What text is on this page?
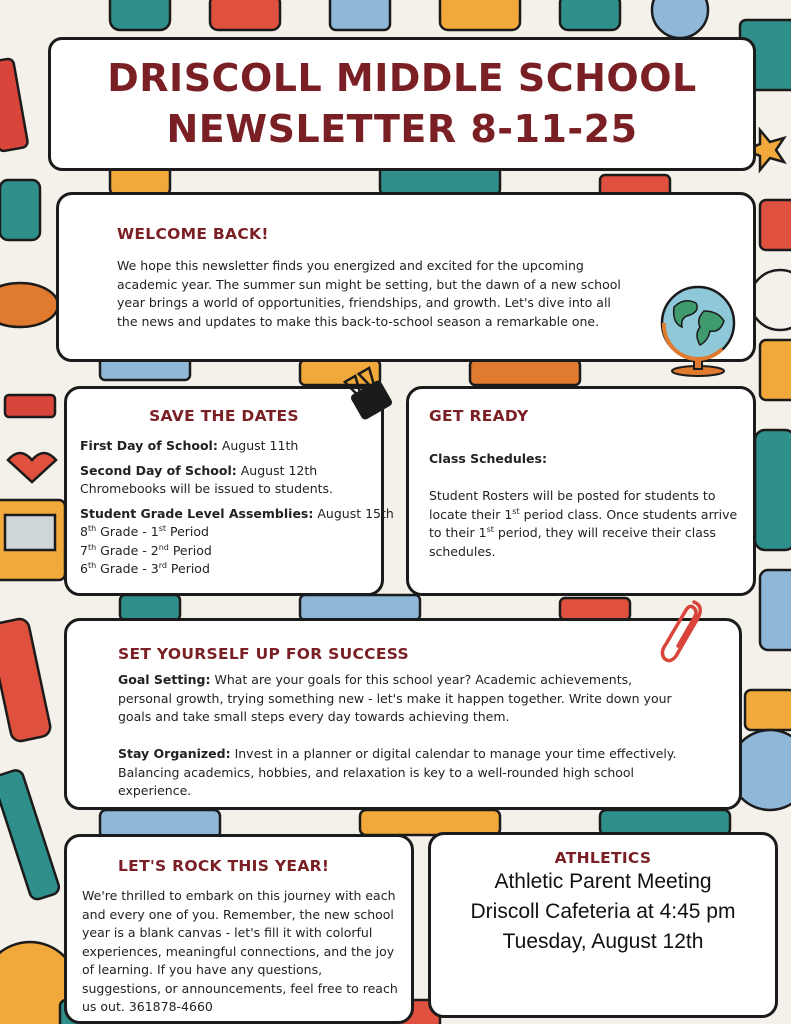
DRISCOLL MIDDLE SCHOOL
NEWSLETTER 8-11-25
WELCOME BACK!
We hope this newsletter finds you energized and excited for the upcoming academic year. The summer sun might be setting, but the dawn of a new school year brings a world of opportunities, friendships, and growth. Let's dive into all the news and updates to make this back-to-school season a remarkable one.
SAVE THE DATES
First Day of School: August 11th
Second Day of School: August 12th
Chromebooks will be issued to students.
Student Grade Level Assemblies: August 15th
8th Grade - 1st Period
7th Grade - 2nd Period
6th Grade - 3rd Period
GET READY
Class Schedules:
Student Rosters will be posted for students to locate their 1st period class. Once students arrive to their 1st period, they will receive their class schedules.
SET YOURSELF UP FOR SUCCESS
Goal Setting: What are your goals for this school year? Academic achievements, personal growth, trying something new - let's make it happen together. Write down your goals and take small steps every day towards achieving them.
Stay Organized: Invest in a planner or digital calendar to manage your time effectively. Balancing academics, hobbies, and relaxation is key to a well-rounded high school experience.
LET'S ROCK THIS YEAR!
We're thrilled to embark on this journey with each and every one of you. Remember, the new school year is a blank canvas - let's fill it with colorful experiences, meaningful connections, and the joy of learning. If you have any questions, suggestions, or announcements, feel free to reach us out. 361878-4660
ATHLETICS
Athletic Parent Meeting
Driscoll Cafeteria at 4:45 pm
Tuesday, August 12th
